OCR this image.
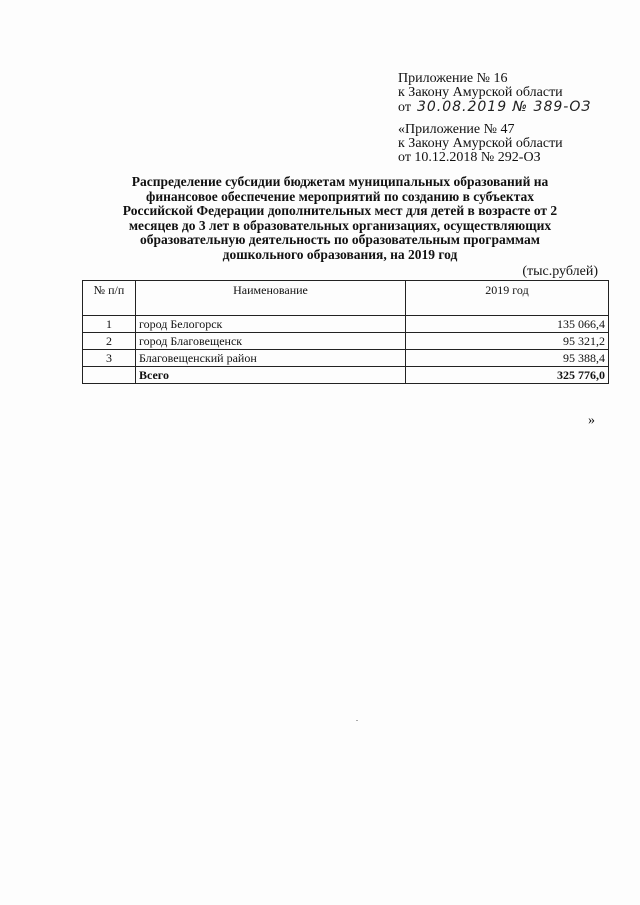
Приложение № 16
к Закону Амурской области
от 30.08.2019 № 389-ОЗ
«Приложение № 47
к Закону Амурской области
от 10.12.2018 № 292-ОЗ
Распределение субсидии бюджетам муниципальных образований на
финансовое обеспечение мероприятий по созданию в субъектах
Российской Федерации дополнительных мест для детей в возрасте от 2
месяцев до 3 лет в образовательных организациях, осуществляющих
образовательную деятельность по образовательным программам
дошкольного образования, на 2019 год
(тыс.рублей)
№ п/п	Наименование	2019 год
1	город Белогорск	135 066,4
2	город Благовещенск	95 321,2
3	Благовещенский район	95 388,4
	Всего	325 776,0
»
